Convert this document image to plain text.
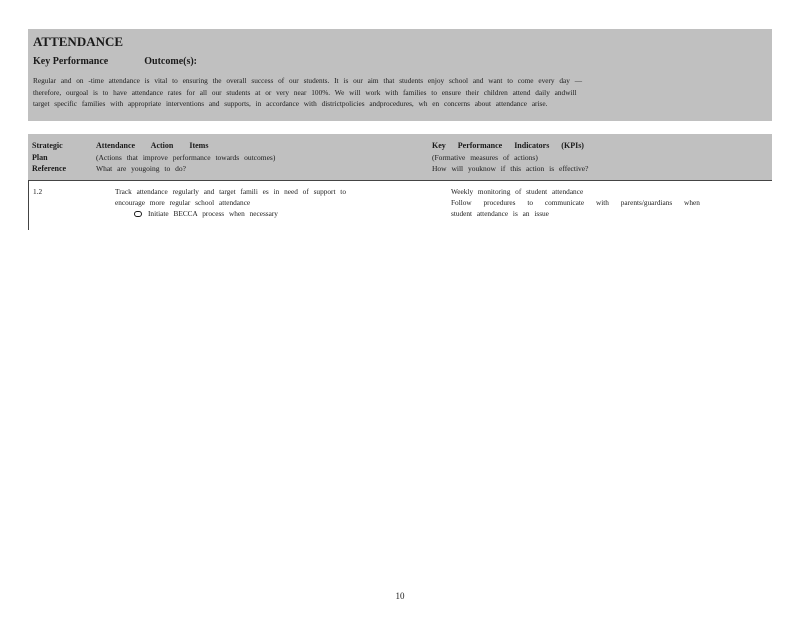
ATTENDANCE
Key Performance	Outcome(s):
Regular and on -time attendance is vital to ensuring the overall success of our students. It is our aim that students enjoy school and want to come every day —
therefore, ourgoal is to have attendance rates for all our students at or very near 100%. We will work with families to ensure their children attend daily andwill
target specific families with appropriate interventions and supports, in accordance with districtpolicies andprocedures, wh en concerns about attendance arise.
Strategic
Plan
Reference
Attendance Action Items
(Actions that improve performance towards outcomes)
What are yougoing to do?
Key Performance Indicators (KPIs)
(Formative measures of actions)
How will youknow if this action is effective?
1.2	Track attendance regularly and target famili es in need of support to
encourage more regular school attendance
Initiate BECCA process when necessary
Weekly monitoring of student attendance
Follow procedures to communicate with parents/guardians when
student attendance is an issue
10
